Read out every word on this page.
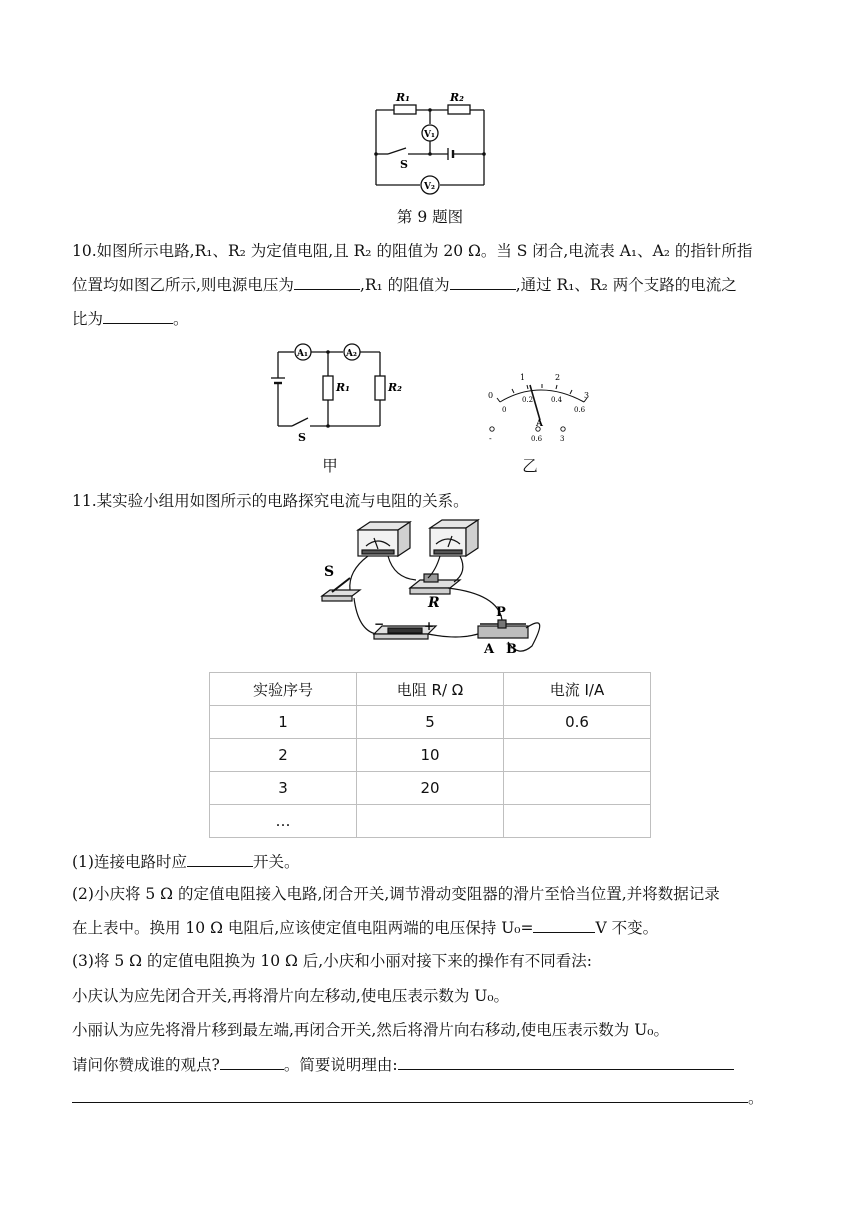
R₁	R₂
V₁
S
V₂
第 9 题图
10.如图所示电路,R₁、R₂ 为定值电阻,且 R₂ 的阻值为 20 Ω。当 S 闭合,电流表 A₁、A₂ 的指针所指
位置均如图乙所示,则电源电压为	,R₁ 的阻值为	,通过 R₁、R₂ 两个支路的电流之
比为	。
A₁	A₂
R₁	R₂
S
甲
0
1	2
3
0
0.2	0.4
0.6
A
-	0.6	3
乙
11.某实验小组用如图所示的电路探究电流与电阻的关系。
S
R
−	+
P
A B
实验序号	电阻 R/ Ω	电流 I/A
1	5	0.6
2	10	
3	20	
…		
(1)连接电路时应	开关。
(2)小庆将 5 Ω 的定值电阻接入电路,闭合开关,调节滑动变阻器的滑片至恰当位置,并将数据记录
在上表中。换用 10 Ω 电阻后,应该使定值电阻两端的电压保持 U₀=	V 不变。
(3)将 5 Ω 的定值电阻换为 10 Ω 后,小庆和小丽对接下来的操作有不同看法:
小庆认为应先闭合开关,再将滑片向左移动,使电压表示数为 U₀。
小丽认为应先将滑片移到最左端,再闭合开关,然后将滑片向右移动,使电压表示数为 U₀。
请问你赞成谁的观点?	。简要说明理由:
。
